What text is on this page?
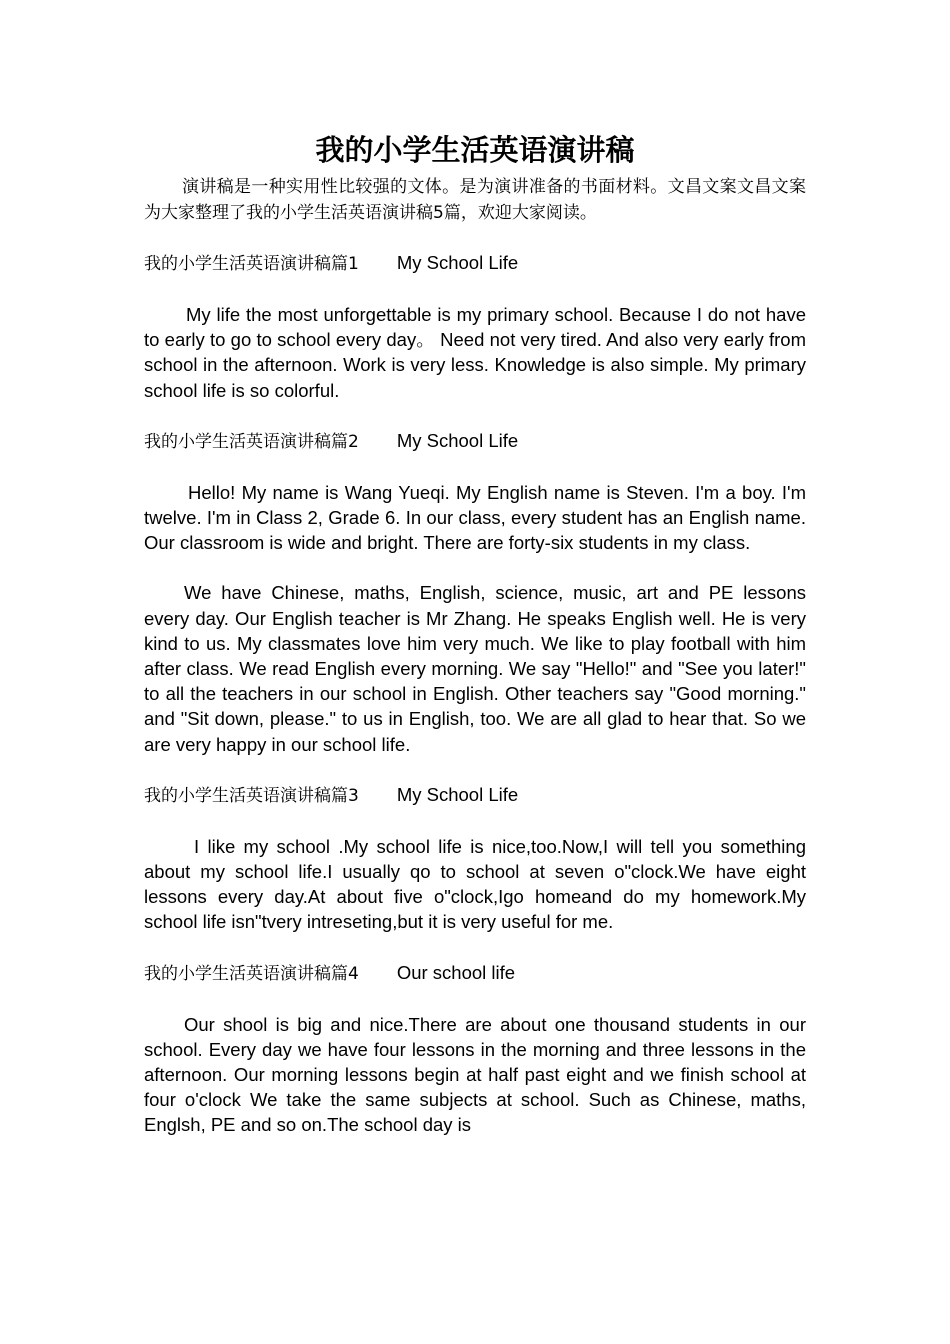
我的小学生活英语演讲稿

演讲稿是一种实用性比较强的文体。是为演讲准备的书面材料。文昌文案文昌文案为大家整理了我的小学生活英语演讲稿5篇，欢迎大家阅读。

我的小学生活英语演讲稿篇1 My School Life

My life the most unforgettable is my primary school. Because I do not have to early to go to school every day。 Need not very tired. And also very early from school in the afternoon. Work is very less. Knowledge is also simple. My primary school life is so colorful.

我的小学生活英语演讲稿篇2 My School Life

Hello! My name is Wang Yueqi. My English name is Steven. I'm a boy. I'm twelve. I'm in Class 2, Grade 6. In our class, every student has an English name. Our classroom is wide and bright. There are forty-six students in my class.

We have Chinese, maths, English, science, music, art and PE lessons every day. Our English teacher is Mr Zhang. He speaks English well. He is very kind to us. My classmates love him very much. We like to play football with him after class. We read English every morning. We say "Hello!" and "See you later!" to all the teachers in our school in English. Other teachers say "Good morning." and "Sit down, please." to us in English, too. We are all glad to hear that. So we are very happy in our school life.

我的小学生活英语演讲稿篇3 My School Life

I like my school .My school life is nice,too.Now,I will tell you something about my school life.I usually qo to school at seven o"clock.We have eight lessons every day.At about five o"clock,Igo homeand do my homework.My school life isn"tvery intreseting,but it is very useful for me.

我的小学生活英语演讲稿篇4 Our school life

Our shool is big and nice.There are about one thousand students in our school. Every day we have four lessons in the morning and three lessons in the afternoon. Our morning lessons begin at half past eight and we finish school at four o'clock We take the same subjects at school. Such as Chinese, maths, Englsh, PE and so on.The school day is
